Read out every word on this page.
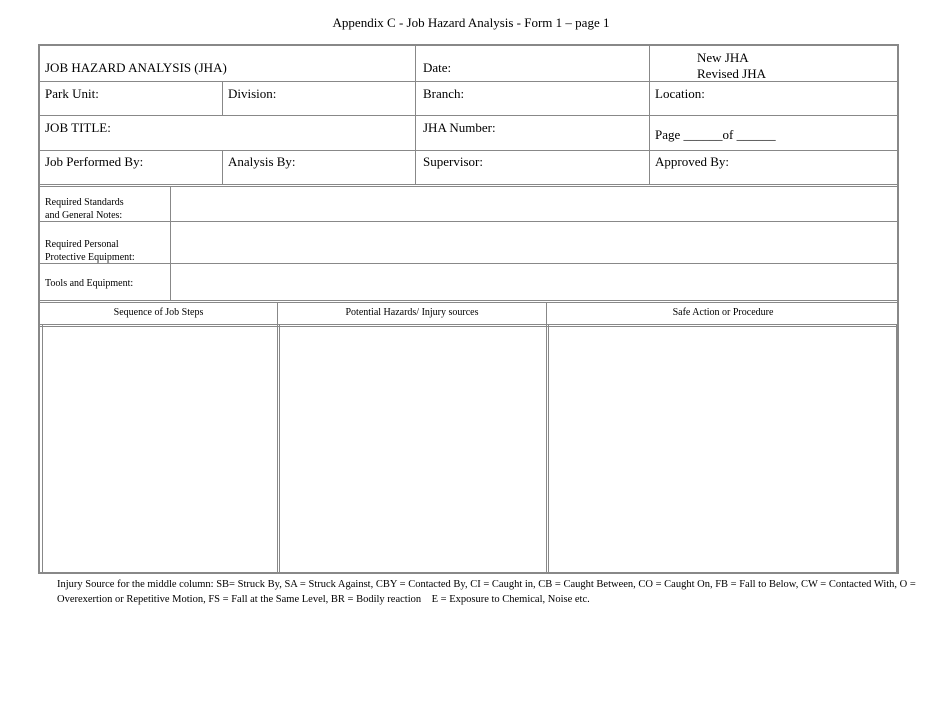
Appendix C - Job Hazard Analysis - Form 1 – page 1
JOB HAZARD ANALYSIS (JHA)	Date:
New JHA
Revised JHA
Park Unit:	Division:	Branch:	Location:
JOB TITLE:	JHA Number:	Page ______of ______
Job Performed By:	Analysis By:	Supervisor:	Approved By:
Required Standards
and General Notes:
Required Personal
Protective Equipment:
Tools and Equipment:
Sequence of Job Steps	Potential Hazards/ Injury sources	Safe Action or Procedure
Injury Source for the middle column: SB= Struck By, SA = Struck Against, CBY = Contacted By, CI = Caught in, CB = Caught Between, CO = Caught On, FB = Fall to Below, CW = Contacted With, O = Overexertion or Repetitive Motion, FS = Fall at the Same Level, BR = Bodily reaction    E = Exposure to Chemical, Noise etc.
